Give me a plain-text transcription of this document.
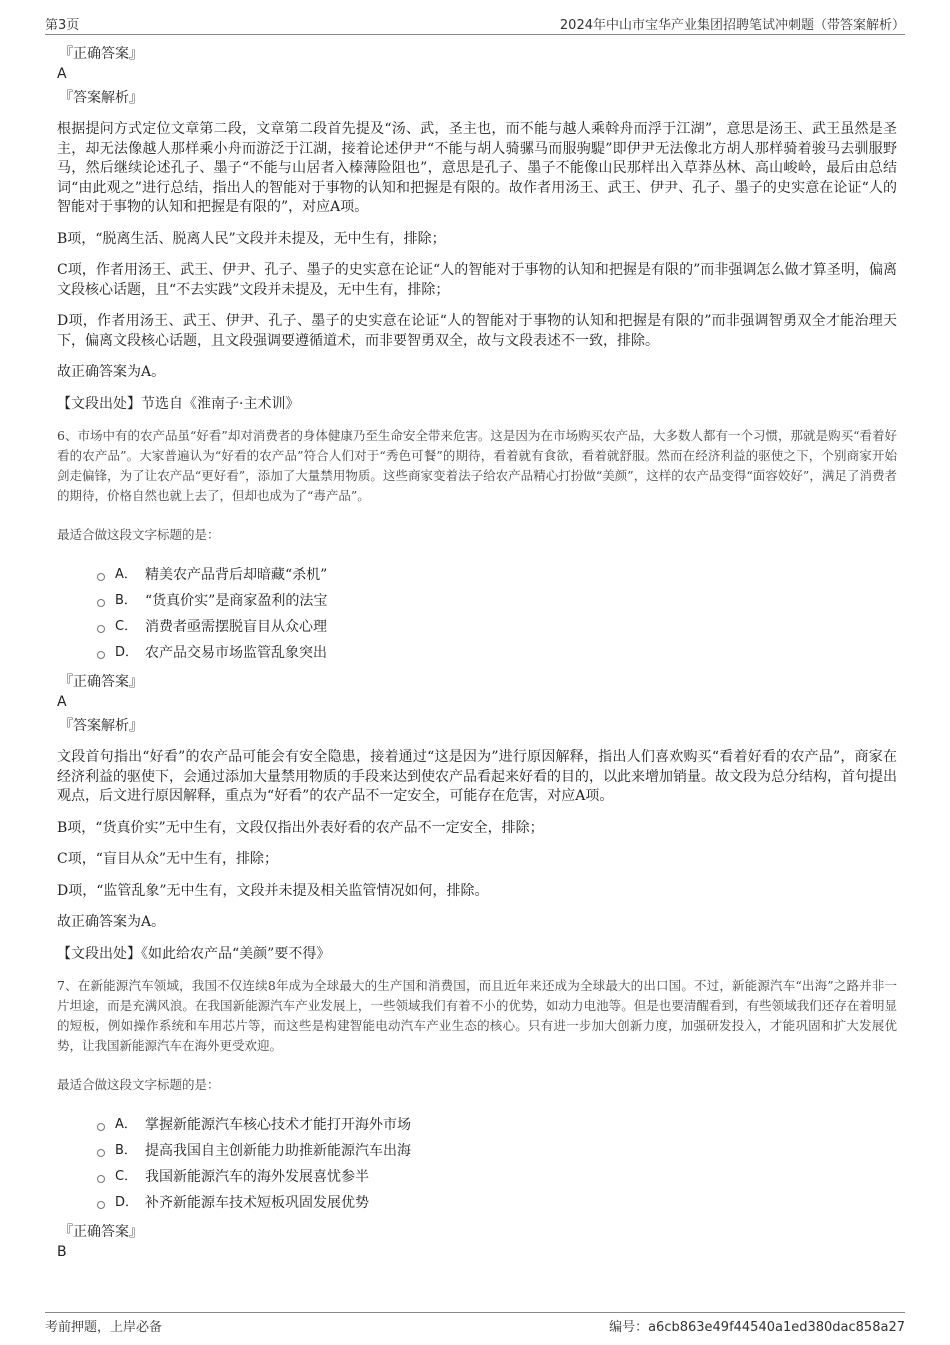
第3页	2024年中山市宝华产业集团招聘笔试冲刺题（带答案解析）
『正确答案』
A
『答案解析』

根据提问方式定位文章第二段，文章第二段首先提及“汤、武，圣主也，而不能与越人乘斡舟而浮于江湖”，意思是汤王、武王虽然是圣主，却无法像越人那样乘小舟而游泛于江湖，接着论述伊尹“不能与胡人骑骡马而服驹騠”即伊尹无法像北方胡人那样骑着骏马去驯服野马，然后继续论述孔子、墨子“不能与山居者入榛薄险阻也”，意思是孔子、墨子不能像山民那样出入草莽丛林、高山峻岭，最后由总结词“由此观之”进行总结，指出人的智能对于事物的认知和把握是有限的。故作者用汤王、武王、伊尹、孔子、墨子的史实意在论证“人的智能对于事物的认知和把握是有限的”，对应A项。

B项，“脱离生活、脱离人民”文段并未提及，无中生有，排除；

C项，作者用汤王、武王、伊尹、孔子、墨子的史实意在论证“人的智能对于事物的认知和把握是有限的”而非强调怎么做才算圣明，偏离文段核心话题，且“不去实践”文段并未提及，无中生有，排除；

D项，作者用汤王、武王、伊尹、孔子、墨子的史实意在论证“人的智能对于事物的认知和把握是有限的”而非强调智勇双全才能治理天下，偏离文段核心话题，且文段强调要遵循道术，而非要智勇双全，故与文段表述不一致，排除。

故正确答案为A。

【文段出处】节选自《淮南子·主术训》

6、市场中有的农产品虽“好看”却对消费者的身体健康乃至生命安全带来危害。这是因为在市场购买农产品，大多数人都有一个习惯，那就是购买“看着好看的农产品”。大家普遍认为“好看的农产品”符合人们对于“秀色可餐”的期待，看着就有食欲，看着就舒服。然而在经济利益的驱使之下，个别商家开始剑走偏锋，为了让农产品“更好看”，添加了大量禁用物质。这些商家变着法子给农产品精心打扮做“美颜”，这样的农产品变得“面容姣好”，满足了消费者的期待，价格自然也就上去了，但却也成为了“毒产品”。

最适合做这段文字标题的是：
A． 精美农产品背后却暗藏“杀机”
B． “货真价实”是商家盈利的法宝
C． 消费者亟需摆脱盲目从众心理
D． 农产品交易市场监管乱象突出
『正确答案』
A
『答案解析』

文段首句指出“好看”的农产品可能会有安全隐患，接着通过“这是因为”进行原因解释，指出人们喜欢购买“看着好看的农产品”，商家在经济利益的驱使下，会通过添加大量禁用物质的手段来达到使农产品看起来好看的目的，以此来增加销量。故文段为总分结构，首句提出观点，后文进行原因解释，重点为“好看”的农产品不一定安全，可能存在危害，对应A项。

B项，“货真价实”无中生有，文段仅指出外表好看的农产品不一定安全，排除；

C项，“盲目从众”无中生有，排除；

D项，“监管乱象”无中生有，文段并未提及相关监管情况如何，排除。

故正确答案为A。

【文段出处】《如此给农产品“美颜”要不得》

7、在新能源汽车领域，我国不仅连续8年成为全球最大的生产国和消费国，而且近年来还成为全球最大的出口国。不过，新能源汽车“出海”之路并非一片坦途，而是充满风浪。在我国新能源汽车产业发展上，一些领域我们有着不小的优势，如动力电池等。但是也要清醒看到，有些领域我们还存在着明显的短板，例如操作系统和车用芯片等，而这些是构建智能电动汽车产业生态的核心。只有进一步加大创新力度，加强研发投入，才能巩固和扩大发展优势，让我国新能源汽车在海外更受欢迎。

最适合做这段文字标题的是：
A． 掌握新能源汽车核心技术才能打开海外市场
B． 提高我国自主创新能力助推新能源汽车出海
C． 我国新能源汽车的海外发展喜忧参半
D． 补齐新能源车技术短板巩固发展优势
『正确答案』
B
考前押题，上岸必备	编号：a6cb863e49f44540a1ed380dac858a27
